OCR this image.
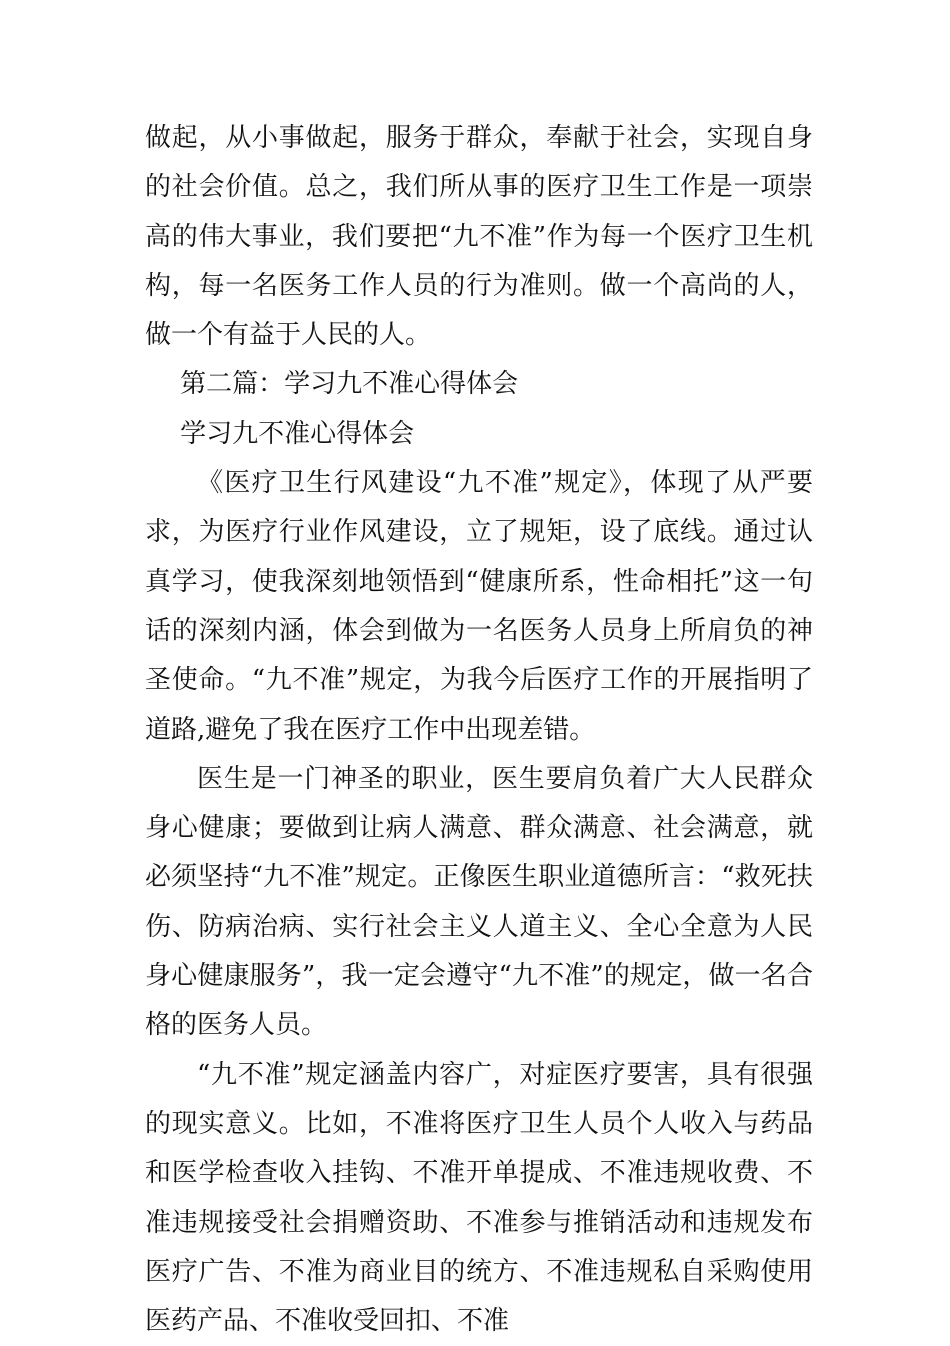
做起，从小事做起，服务于群众，奉献于社会，实现自身的社会价值。总之，我们所从事的医疗卫生工作是一项崇高的伟大事业，我们要把“九不准”作为每一个医疗卫生机构，每一名医务工作人员的行为准则。做一个高尚的人，做一个有益于人民的人。

第二篇：学习九不准心得体会

学习九不准心得体会

《医疗卫生行风建设“九不准”规定》，体现了从严要求，为医疗行业作风建设，立了规矩，设了底线。通过认真学习，使我深刻地领悟到“健康所系，性命相托”这一句话的深刻内涵，体会到做为一名医务人员身上所肩负的神圣使命。“九不准”规定，为我今后医疗工作的开展指明了道路,避免了我在医疗工作中出现差错。

医生是一门神圣的职业，医生要肩负着广大人民群众身心健康；要做到让病人满意、群众满意、社会满意，就必须坚持“九不准”规定。正像医生职业道德所言：“救死扶伤、防病治病、实行社会主义人道主义、全心全意为人民身心健康服务”，我一定会遵守“九不准”的规定，做一名合格的医务人员。

“九不准”规定涵盖内容广，对症医疗要害，具有很强的现实意义。比如，不准将医疗卫生人员个人收入与药品和医学检查收入挂钩、不准开单提成、不准违规收费、不准违规接受社会捐赠资助、不准参与推销活动和违规发布医疗广告、不准为商业目的统方、不准违规私自采购使用医药产品、不准收受回扣、不准
